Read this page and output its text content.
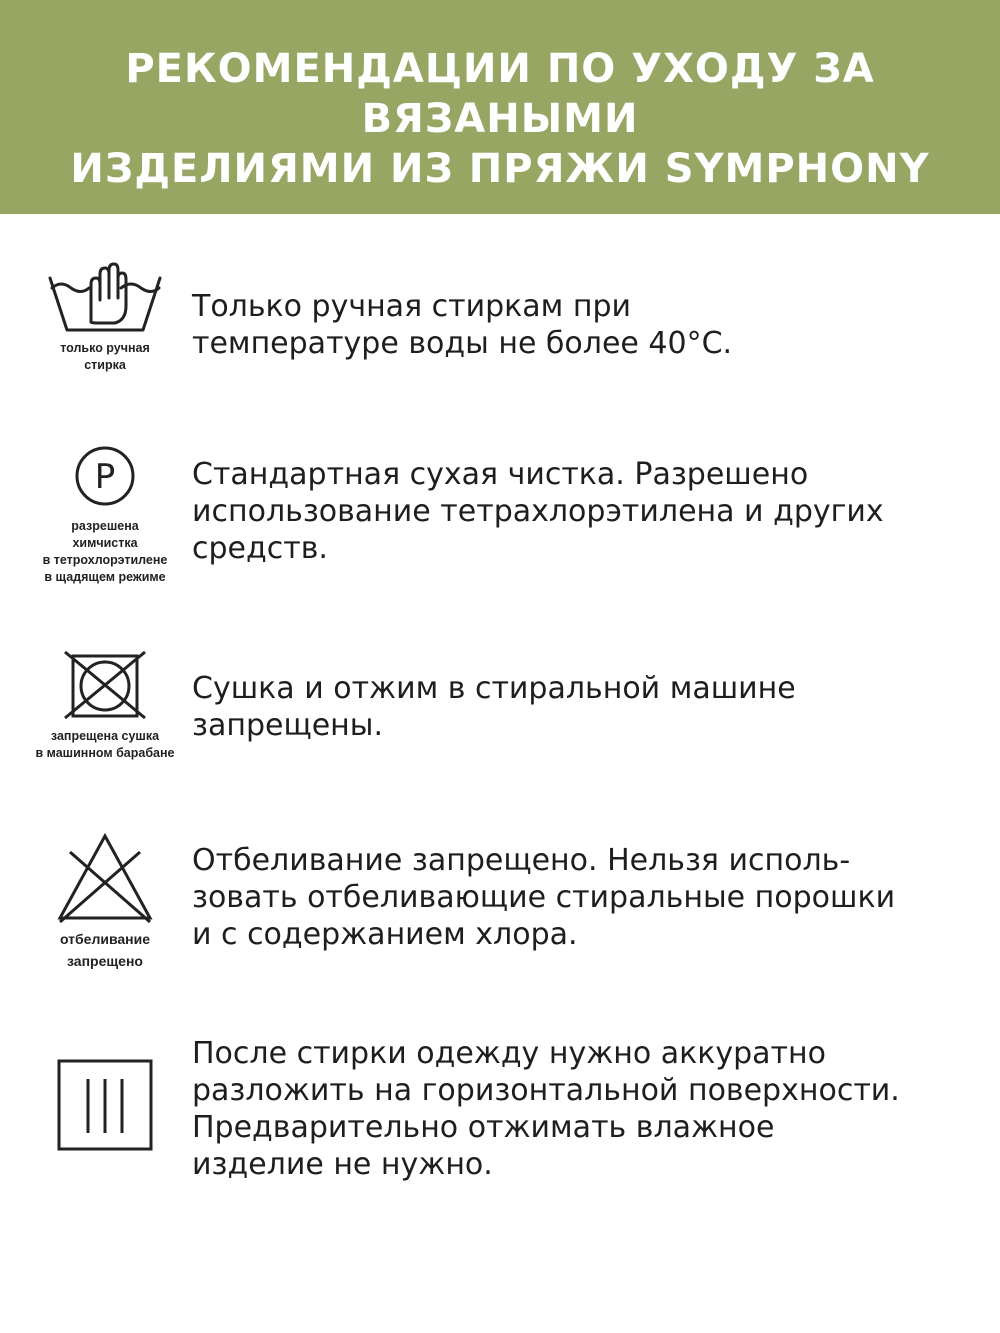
РЕКОМЕНДАЦИИ ПО УХОДУ ЗА ВЯЗАНЫМИ
ИЗДЕЛИЯМИ ИЗ ПРЯЖИ SYMPHONY
только ручная
стирка
Только ручная стиркам при
температуре воды не более 40°C.
P
разрешена
химчистка
в тетрохлорэтилене
в щадящем режиме
Стандартная сухая чистка. Разрешено
использование тетрахлорэтилена и других
средств.
запрещена сушка
в машинном барабане
Сушка и отжим в стиральной машине
запрещены.
отбеливание
запрещено
Отбеливание запрещено. Нельзя исполь-
зовать отбеливающие стиральные порошки
и с содержанием хлора.
После стирки одежду нужно аккуратно
разложить на горизонтальной поверхности.
Предварительно отжимать влажное
изделие не нужно.
